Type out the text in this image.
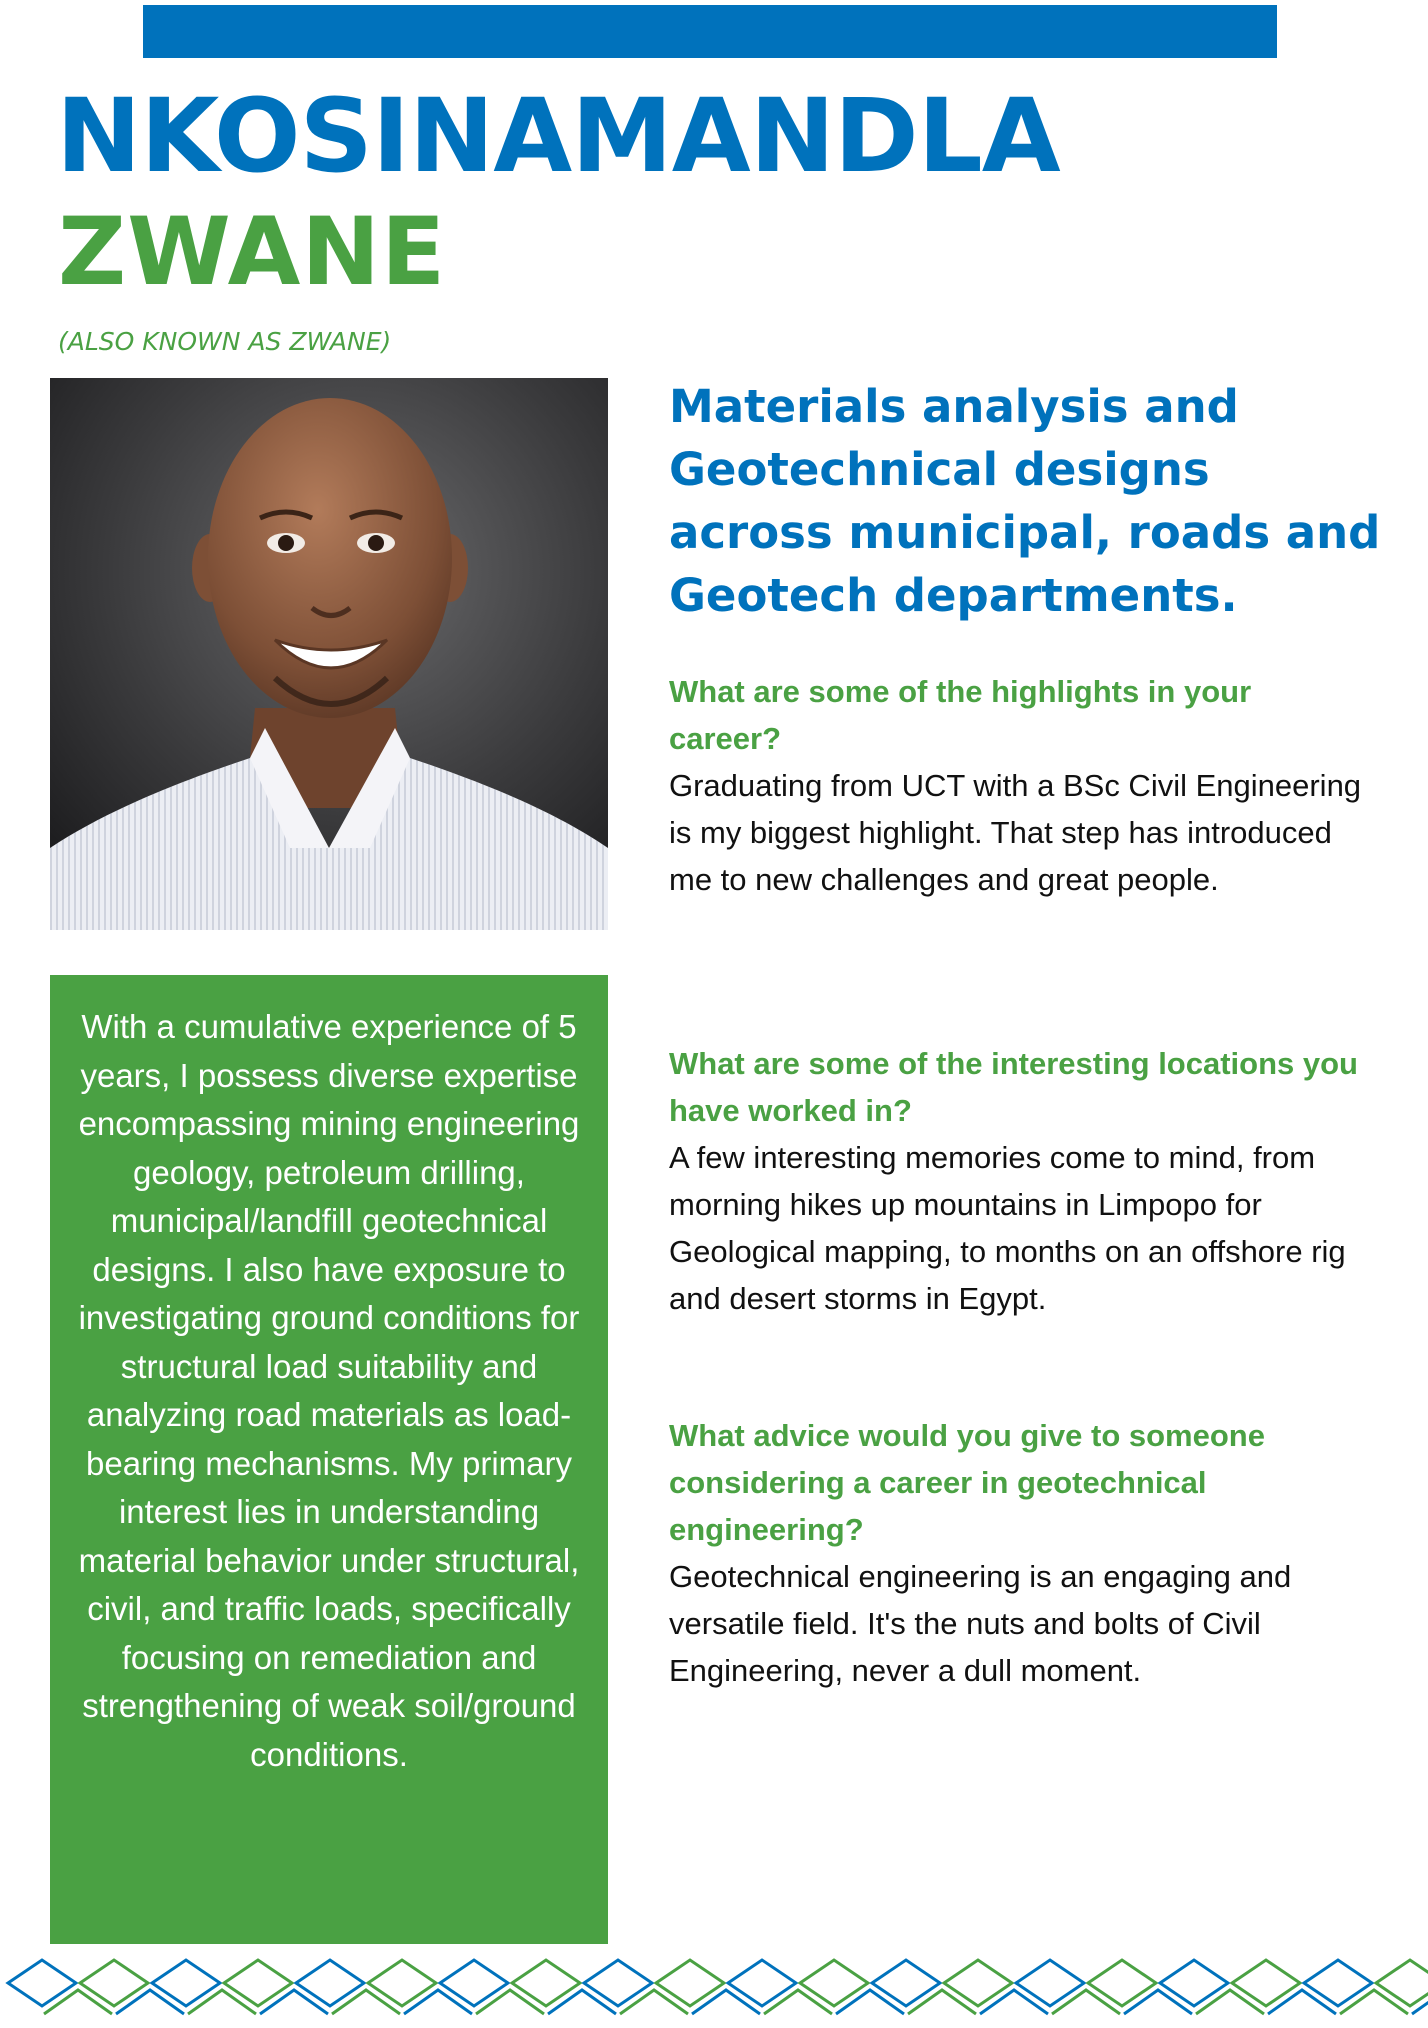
NKOSINAMANDLA
ZWANE
(ALSO KNOWN AS ZWANE)

With a cumulative experience of 5 years, I possess diverse expertise encompassing mining engineering geology, petroleum drilling, municipal/landfill geotechnical designs. I also have exposure to investigating ground conditions for structural load suitability and analyzing road materials as load-bearing mechanisms. My primary interest lies in understanding material behavior under structural, civil, and traffic loads, specifically focusing on remediation and strengthening of weak soil/ground conditions.

Materials analysis and Geotechnical designs across municipal, roads and Geotech departments.

What are some of the highlights in your career?

Graduating from UCT with a BSc Civil Engineering is my biggest highlight. That step has introduced me to new challenges and great people.

What are some of the interesting locations you have worked in?

A few interesting memories come to mind, from morning hikes up mountains in Limpopo for Geological mapping, to months on an offshore rig and desert storms in Egypt.

What advice would you give to someone considering a career in geotechnical engineering?

Geotechnical engineering is an engaging and versatile field. It's the nuts and bolts of Civil Engineering, never a dull moment.
